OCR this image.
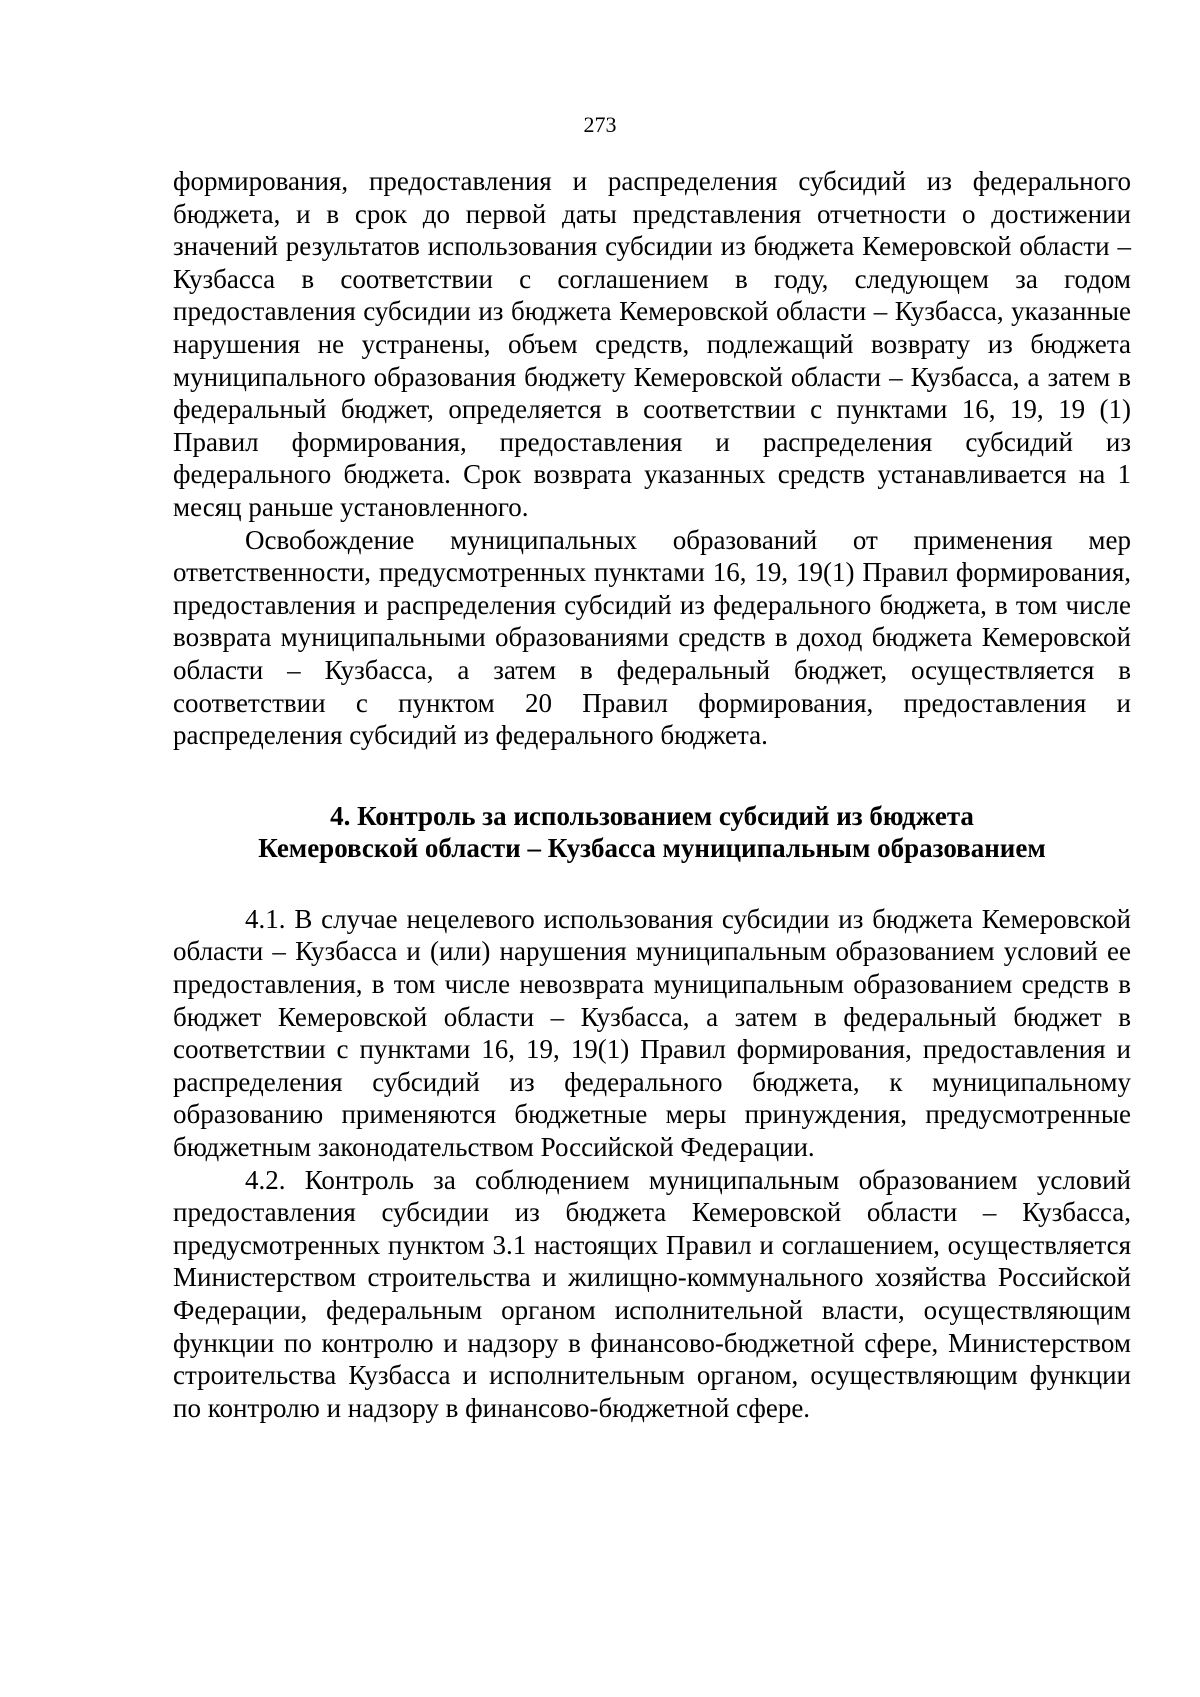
273

формирования, предоставления и распределения субсидий из федерального бюджета, и в срок до первой даты представления отчетности о достижении значений результатов использования субсидии из бюджета Кемеровской области – Кузбасса в соответствии с соглашением в году, следующем за годом предоставления субсидии из бюджета Кемеровской области – Кузбасса, указанные нарушения не устранены, объем средств, подлежащий возврату из бюджета муниципального образования бюджету Кемеровской области – Кузбасса, а затем в федеральный бюджет, определяется в соответствии с пунктами 16, 19, 19 (1) Правил формирования, предоставления и распределения субсидий из федерального бюджета. Срок возврата указанных средств устанавливается на 1 месяц раньше установленного.

Освобождение муниципальных образований от применения мер ответственности, предусмотренных пунктами 16, 19, 19(1) Правил формирования, предоставления и распределения субсидий из федерального бюджета, в том числе возврата муниципальными образованиями средств в доход бюджета Кемеровской области – Кузбасса, а затем в федеральный бюджет, осуществляется в соответствии с пунктом 20 Правил формирования, предоставления и распределения субсидий из федерального бюджета.

4. Контроль за использованием субсидий из бюджета
Кемеровской области – Кузбасса муниципальным образованием

4.1. В случае нецелевого использования субсидии из бюджета Кемеровской области – Кузбасса и (или) нарушения муниципальным образованием условий ее предоставления, в том числе невозврата муниципальным образованием средств в бюджет Кемеровской области – Кузбасса, а затем в федеральный бюджет в соответствии с пунктами 16, 19, 19(1) Правил формирования, предоставления и распределения субсидий из федерального бюджета, к муниципальному образованию применяются бюджетные меры принуждения, предусмотренные бюджетным законодательством Российской Федерации.

4.2. Контроль за соблюдением муниципальным образованием условий предоставления субсидии из бюджета Кемеровской области – Кузбасса, предусмотренных пунктом 3.1 настоящих Правил и соглашением, осуществляется Министерством строительства и жилищно-коммунального хозяйства Российской Федерации, федеральным органом исполнительной власти, осуществляющим функции по контролю и надзору в финансово-бюджетной сфере, Министерством строительства Кузбасса и исполнительным органом, осуществляющим функции по контролю и надзору в финансово-бюджетной сфере.
